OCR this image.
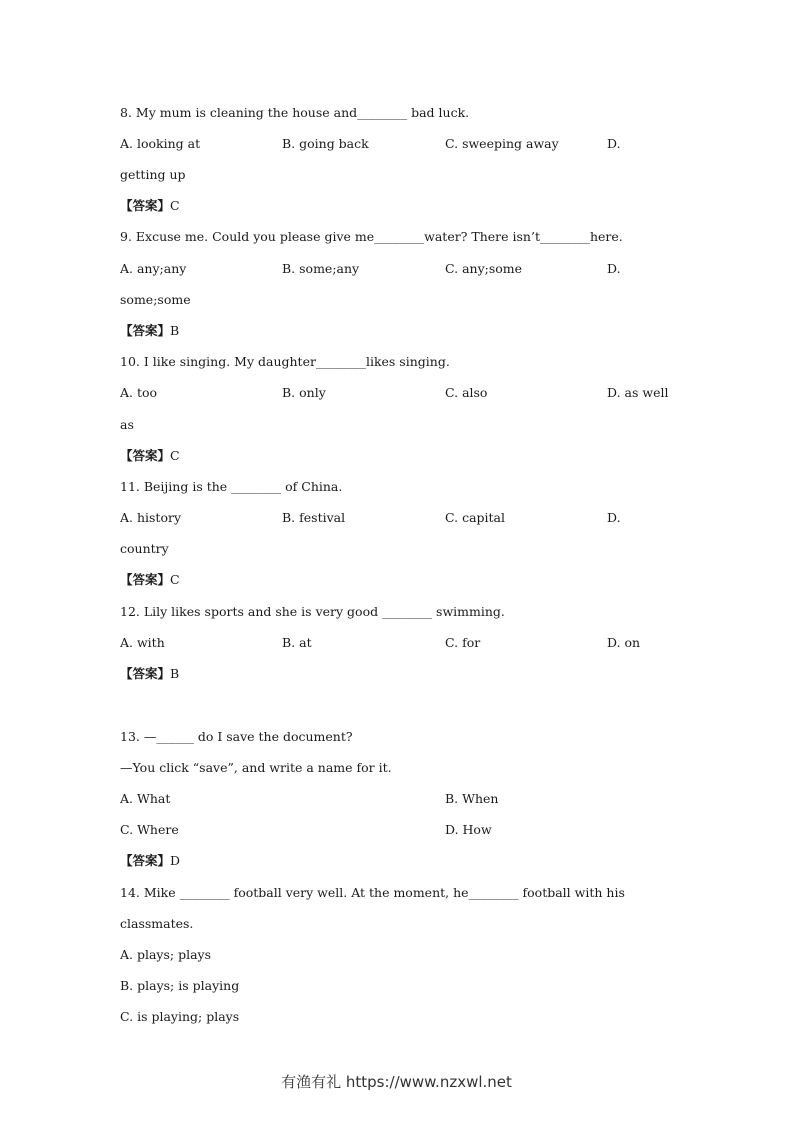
8. My mum is cleaning the house and________ bad luck.
A. looking at	B. going back	C. sweeping away	D.
getting up
【答案】C
9. Excuse me. Could you please give me________water? There isn’t________here.
A. any;any	B. some;any	C. any;some	D.
some;some
【答案】B
10. I like singing. My daughter________likes singing.
A. too	B. only	C. also	D. as well
as
【答案】C
11. Beijing is the ________ of China.
A. history	B. festival	C. capital	D.
country
【答案】C
12. Lily likes sports and she is very good ________ swimming.
A. with	B. at	C. for	D. on
【答案】B
13. —______ do I save the document?
—You click “save”, and write a name for it.
A. What	B. When
C. Where	D. How
【答案】D
14. Mike ________ football very well. At the moment, he________ football with his
classmates.
A. plays; plays
B. plays; is playing
C. is playing; plays
有渔有礼 https://www.nzxwl.net
